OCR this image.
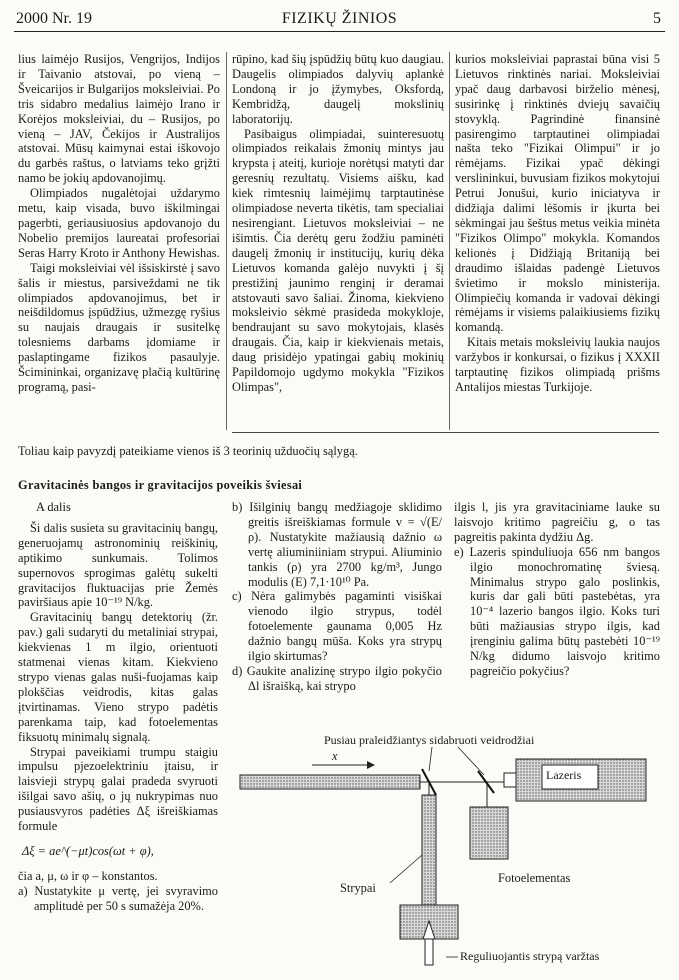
2000 Nr. 19	FIZIKŲ ŽINIOS	5

lius laimėjo Rusijos, Vengrijos, Indijos ir Taivanio atstovai, po vieną – Šveicarijos ir Bulgarijos moksleiviai. Po tris sidabro medalius laimėjo Irano ir Korėjos moksleiviai, du – Rusijos, po vieną – JAV, Čekijos ir Australijos atstovai. Mūsų kaimynai estai iškovojo du garbės raštus, o latviams teko grįžti namo be jokių apdovanojimų.

Olimpiados nugalėtojai uždarymo metu, kaip visada, buvo iškilmingai pagerbti, geriausiuosius apdovanojo du Nobelio premijos laureatai profesoriai Seras Harry Kroto ir Anthony Hewishas.

Taigi moksleiviai vėl išsiskirstė į savo šalis ir miestus, parsiveždami ne tik olimpiados apdovanojimus, bet ir neišdildomus įspūdžius, užmezgę ryšius su naujais draugais ir susitelkę tolesniems darbams įdomiame ir paslaptingame fizikos pasaulyje. Šcimininkai, organizavę plačią kultūrinę programą, pasi-

rūpino, kad šių įspūdžių būtų kuo daugiau. Daugelis olimpiados dalyvių aplankė Londoną ir jo įžymybes, Oksfordą, Kembridžą, daugelį mokslinių laboratorijų.

Pasibaigus olimpiadai, suinteresuotų olimpiados reikalais žmonių mintys jau krypsta į ateitį, kurioje norėtųsi matyti dar geresnių rezultatų. Visiems aišku, kad kiek rimtesnių laimėjimų tarptautinėse olimpiadose neverta tikėtis, tam specialiai nesirengiant. Lietuvos moksleiviai – ne išimtis. Čia derėtų geru žodžiu paminėti daugelį žmonių ir institucijų, kurių dėka Lietuvos komanda galėjo nuvykti į šį prestižinį jaunimo renginį ir deramai atstovauti savo šaliai. Žinoma, kiekvieno moksleivio sėkmė prasideda mokykloje, bendraujant su savo mokytojais, klasės draugais. Čia, kaip ir kiekvienais metais, daug prisidėjo ypatingai gabių mokinių Papildomojo ugdymo mokykla "Fizikos Olimpas",

kurios moksleiviai paprastai būna visi 5 Lietuvos rinktinės nariai. Moksleiviai ypač daug darbavosi birželio mėnesį, susirinkę į rinktinės dviejų savaičių stovyklą. Pagrindinė finansinė pasirengimo tarptautinei olimpiadai našta teko "Fizikai Olimpui" ir jo rėmėjams. Fizikai ypač dėkingi verslininkui, buvusiam fizikos mokytojui Petrui Jonušui, kurio iniciatyva ir didžiąja dalimi lėšomis ir įkurta bei sėkmingai jau šeštus metus veikia minėta "Fizikos Olimpo" mokykla. Komandos kelionės į Didžiąją Britaniją bei draudimo išlaidas padengė Lietuvos švietimo ir mokslo ministerija. Olimpiečių komanda ir vadovai dėkingi rėmėjams ir visiems palaikiusiems fizikų komandą.

Kitais metais moksleivių laukia naujos varžybos ir konkursai, o fizikus į XXXII tarptautinę fizikos olimpiadą prišms Antalijos miestas Turkijoje.

Toliau kaip pavyzdį pateikiame vienos iš 3 teorinių užduočių sąlygą.
Gravitacinės bangos ir gravitacijos poveikis šviesai

A dalis

Ši dalis susieta su gravitacinių bangų, generuojamų astronominių reiškinių, aptikimo sunkumais. Tolimos supernovos sprogimas galėtų sukelti gravitacijos fluktuacijas prie Žemės paviršiaus apie 10⁻¹⁹ N/kg.

Gravitacinių bangų detektorių (žr. pav.) gali sudaryti du metaliniai strypai, kiekvienas 1 m ilgio, orientuoti statmenai vienas kitam. Kiekvieno strypo vienas galas nuši-fuojamas kaip plokščias veidrodis, kitas galas įtvirtinamas. Vieno strypo padėtis parenkama taip, kad fotoelementas fiksuotų minimalų signalą.

Strypai pavеikiami trumpu staigiu impulsu pjezoelektriniu įtaisu, ir laisvieji strypų galai pradeda svyruoti išilgai savo ašių, o jų nukrypimas nuo pusiausvyros padėties Δξ išreiškiamas formule

Δξ = ae^(−μt)cos(ωt + φ),

čia a, μ, ω ir φ – konstantos.

a) Nustatykite μ vertę, jei svyravimo amplitudė per 50 s sumažėja 20%.

b) Išilginių bangų medžiagoje sklidimo greitis išreiškiamas formule v = √(E/ρ). Nustatykite mažiausią dažnio ω vertę aliuminiiniam strypui. Aliuminio tankis (ρ) yra 2700 kg/m³, Jungo modulis (E) 7,1·10¹⁰ Pa.

c) Nėra galimybės pagaminti visiškai vienodo ilgio strypus, todėl fotoelemente gaunama 0,005 Hz dažnio bangų mūša. Koks yra strypų ilgio skirtumas?

d) Gaukite analizinę strypo ilgio pokyčio Δl išraišką, kai strypo

ilgis l, jis yra gravitaciniame lauke su laisvojo kritimo pagreičiu g, o tas pagreitis pakinta dydžiu Δg.

e) Lazeris spinduliuoja 656 nm bangos ilgio monochromatinę šviesą. Minimalus strypo galo poslinkis, kuris dar gali būti pastebėtas, yra 10⁻⁴ lazerio bangos ilgio. Koks turi būti mažiausias strypo ilgis, kad įrenginiu galima būtų pastebėti 10⁻¹⁹ N/kg didumo laisvojo kritimo pagreičio pokyčius?

Pusiau praleidžiantys sidabruoti veidrodžiai
x
Lazeris
Strypai
Fotoelementas
Reguliuojantis strypą varžtas
